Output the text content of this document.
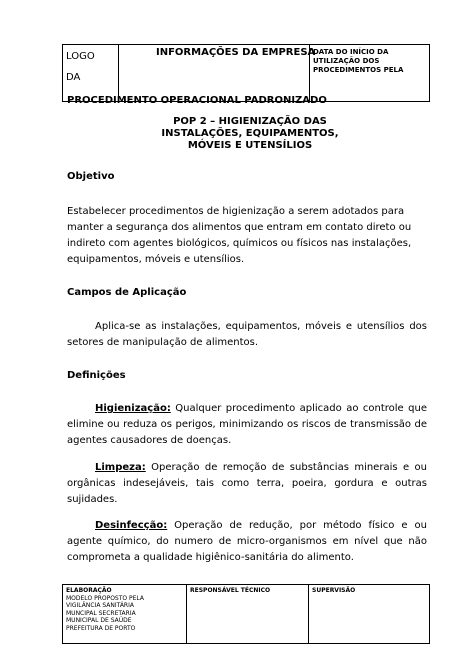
LOGO
DA
INFORMAÇÕES DA EMPRESA
DATA DO INÍCIO DA UTILIZAÇÃO DOS PROCEDIMENTOS PELA
PROCEDIMENTO OPERACIONAL PADRONIZADO
POP 2 – HIGIENIZAÇÃO DAS
INSTALAÇÕES, EQUIPAMENTOS,
MÓVEIS E UTENSÍLIOS
Objetivo
Estabelecer procedimentos de higienização a serem adotados para manter a segurança dos alimentos que entram em contato direto ou indireto com agentes biológicos, químicos ou físicos nas instalações, equipamentos, móveis e utensílios.
Campos de Aplicação
Aplica-se as instalações, equipamentos, móveis e utensílios dos setores de manipulação de alimentos.
Definições
Higienização: Qualquer procedimento aplicado ao controle que elimine ou reduza os perigos, minimizando os riscos de transmissão de agentes causadores de doenças.
Limpeza: Operação de remoção de substâncias minerais e ou orgânicas indesejáveis, tais como terra, poeira, gordura e outras sujidades.
Desinfecção: Operação de redução, por método físico e ou agente químico, do numero de micro-organismos em nível que não comprometa a qualidade higiênico-sanitária do alimento.
ELABORAÇÃO
MODELO PROPOSTO PELA
VIGILÂNCIA SANITÁRIA
MUNCIPAL SECRETARIA
MUNICIPAL DE SAÚDE
PREFEITURA DE PORTO
RESPONSÁVEL TÉCNICO	SUPERVISÃO
